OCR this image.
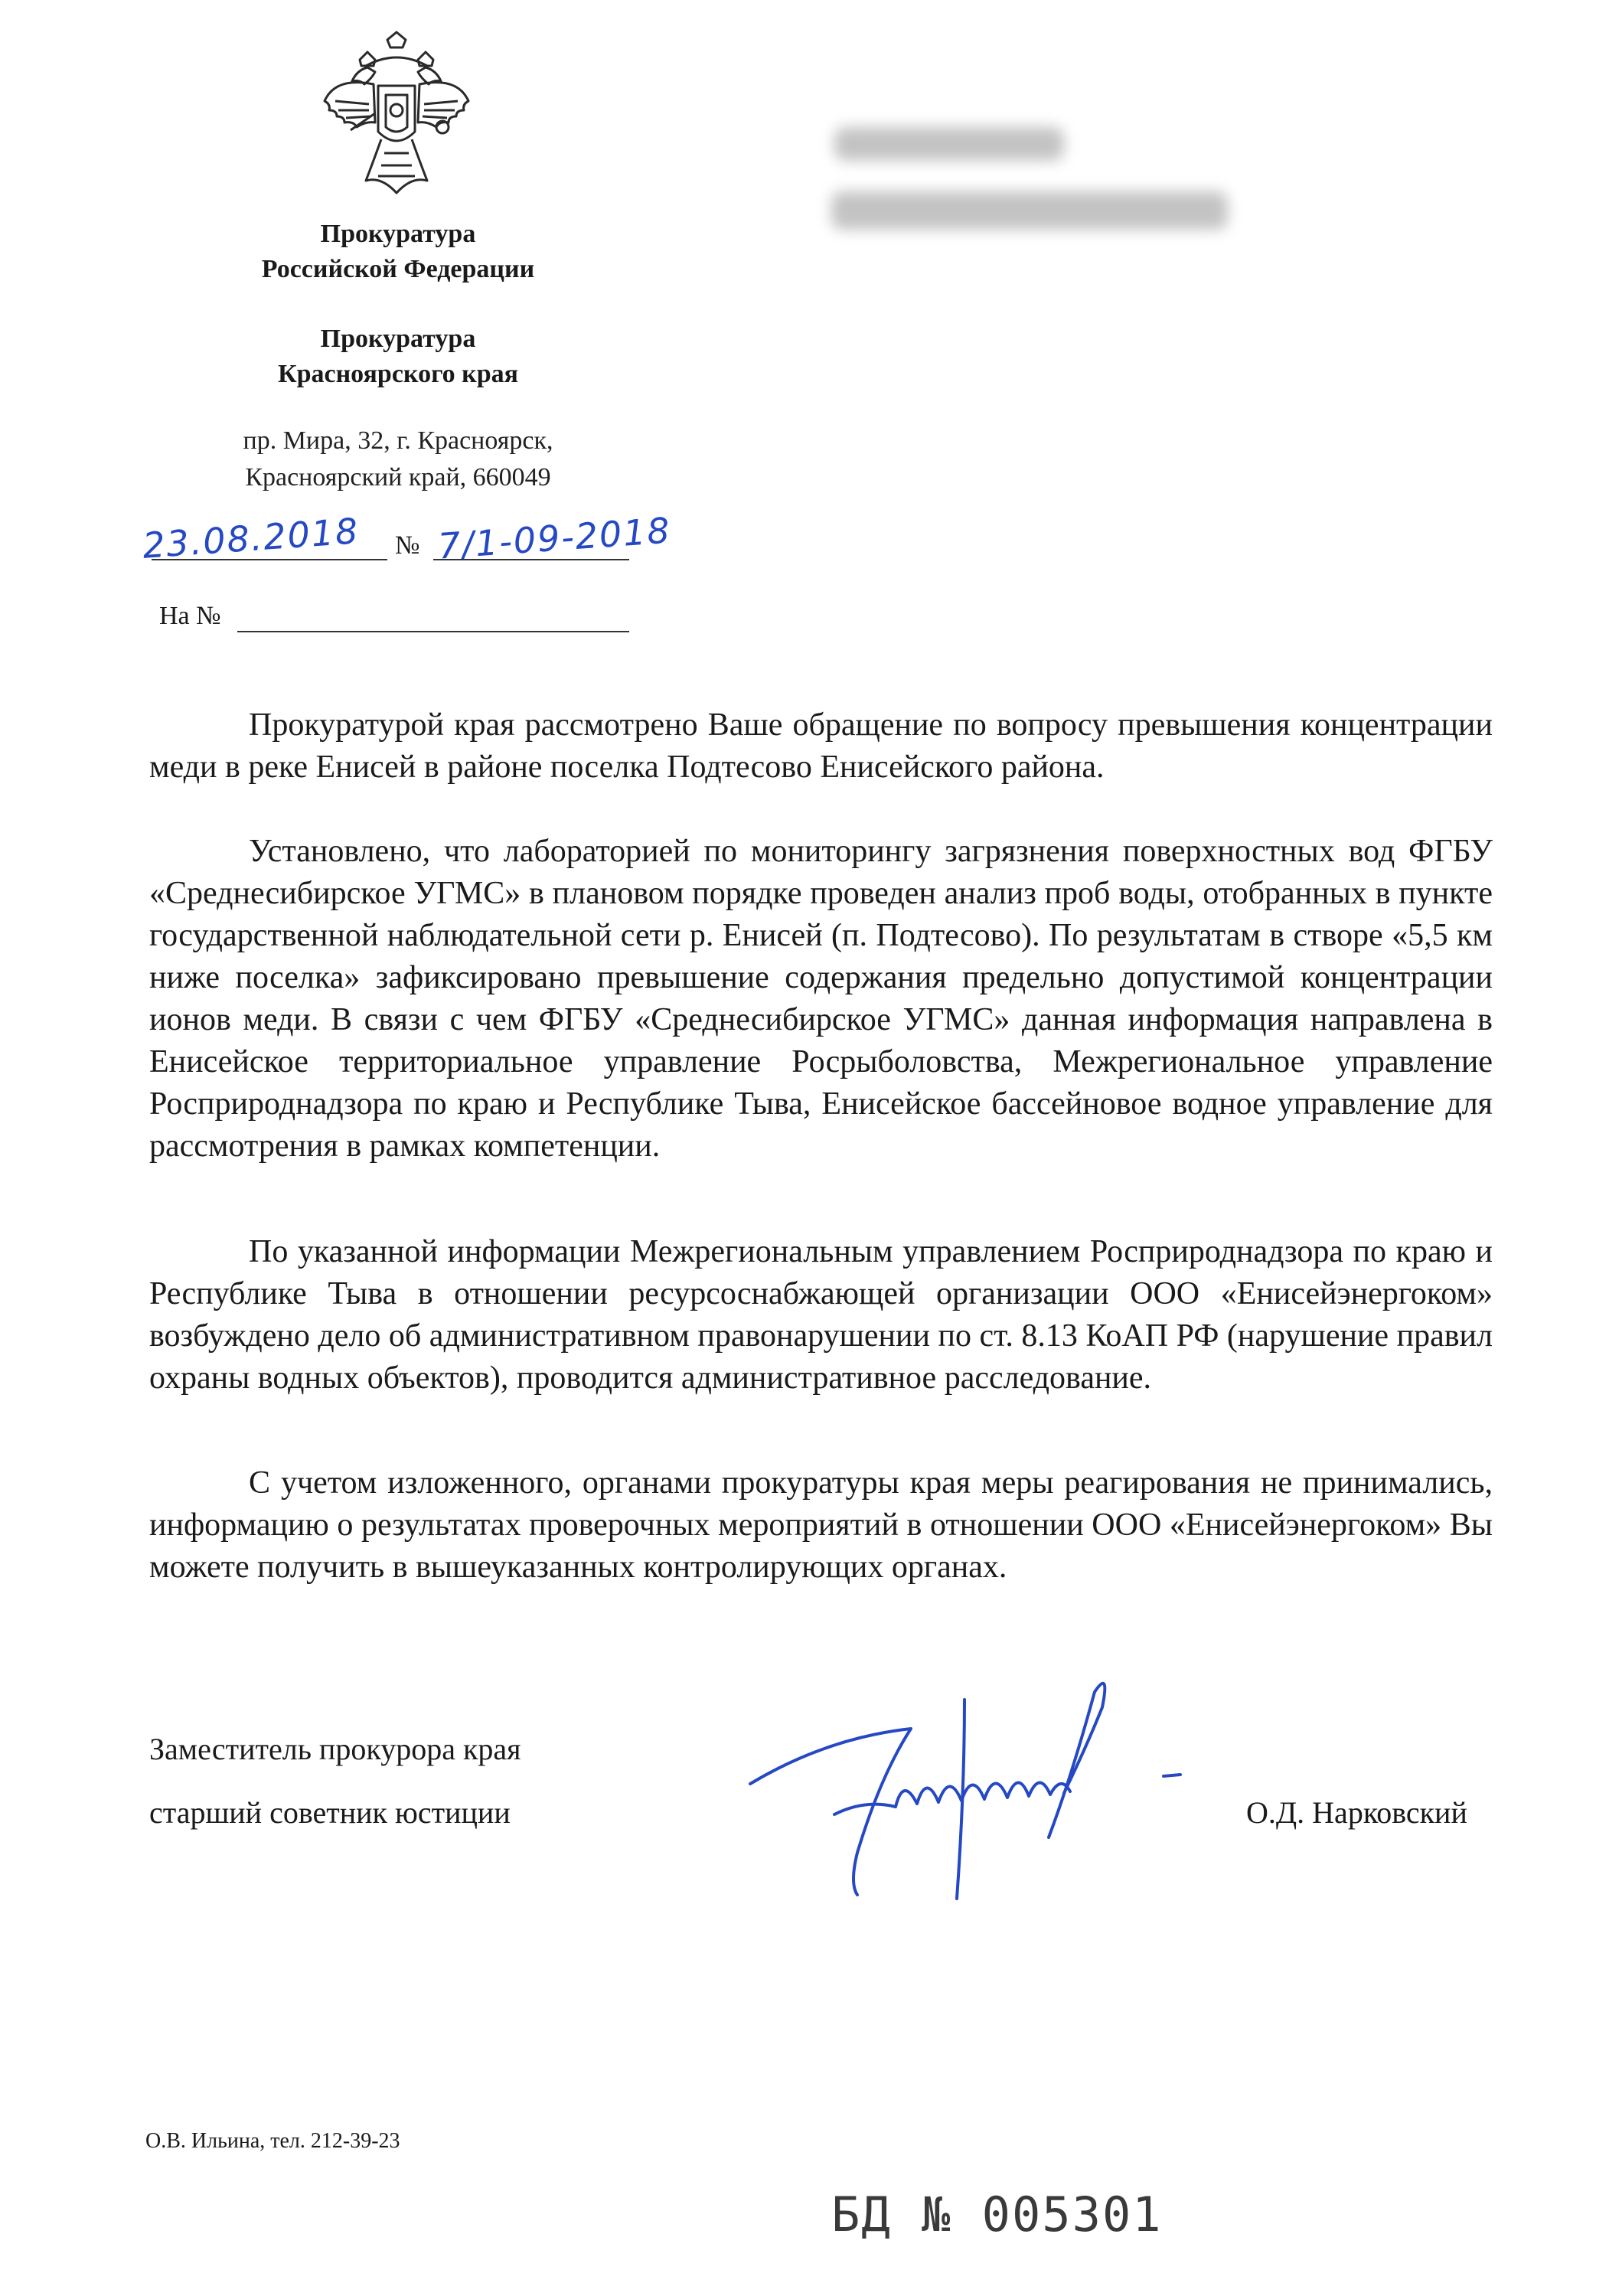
Прокуратура
Российской Федерации
Прокуратура
Красноярского края
пр. Мира, 32, г. Красноярск,
Красноярский край, 660049
23.08.2018 № 7/1-09-2018
На №

Прокуратурой края рассмотрено Ваше обращение по вопросу превышения концентрации меди в реке Енисей в районе поселка Подтесово Енисейского района.

Установлено, что лабораторией по мониторингу загрязнения поверхностных вод ФГБУ «Среднесибирское УГМС» в плановом порядке проведен анализ проб воды, отобранных в пункте государственной наблюдательной сети р. Енисей (п. Подтесово). По результатам в створе «5,5 км ниже поселка» зафиксировано превышение содержания предельно допустимой концентрации ионов меди. В связи с чем ФГБУ «Среднесибирское УГМС» данная информация направлена в Енисейское территориальное управление Росрыболовства, Межрегиональное управление Росприроднадзора по краю и Республике Тыва, Енисейское бассейновое водное управление для рассмотрения в рамках компетенции.

По указанной информации Межрегиональным управлением Росприроднадзора по краю и Республике Тыва в отношении ресурсоснабжающей организации ООО «Енисейэнергоком» возбуждено дело об административном правонарушении по ст. 8.13 КоАП РФ (нарушение правил охраны водных объектов), проводится административное расследование.

С учетом изложенного, органами прокуратуры края меры реагирования не принимались, информацию о результатах проверочных мероприятий в отношении ООО «Енисейэнергоком» Вы можете получить в вышеуказанных контролирующих органах.

Заместитель прокурора края
старший советник юстиции	О.Д. Нарковский
О.В. Ильина, тел. 212-39-23
БД № 005301
